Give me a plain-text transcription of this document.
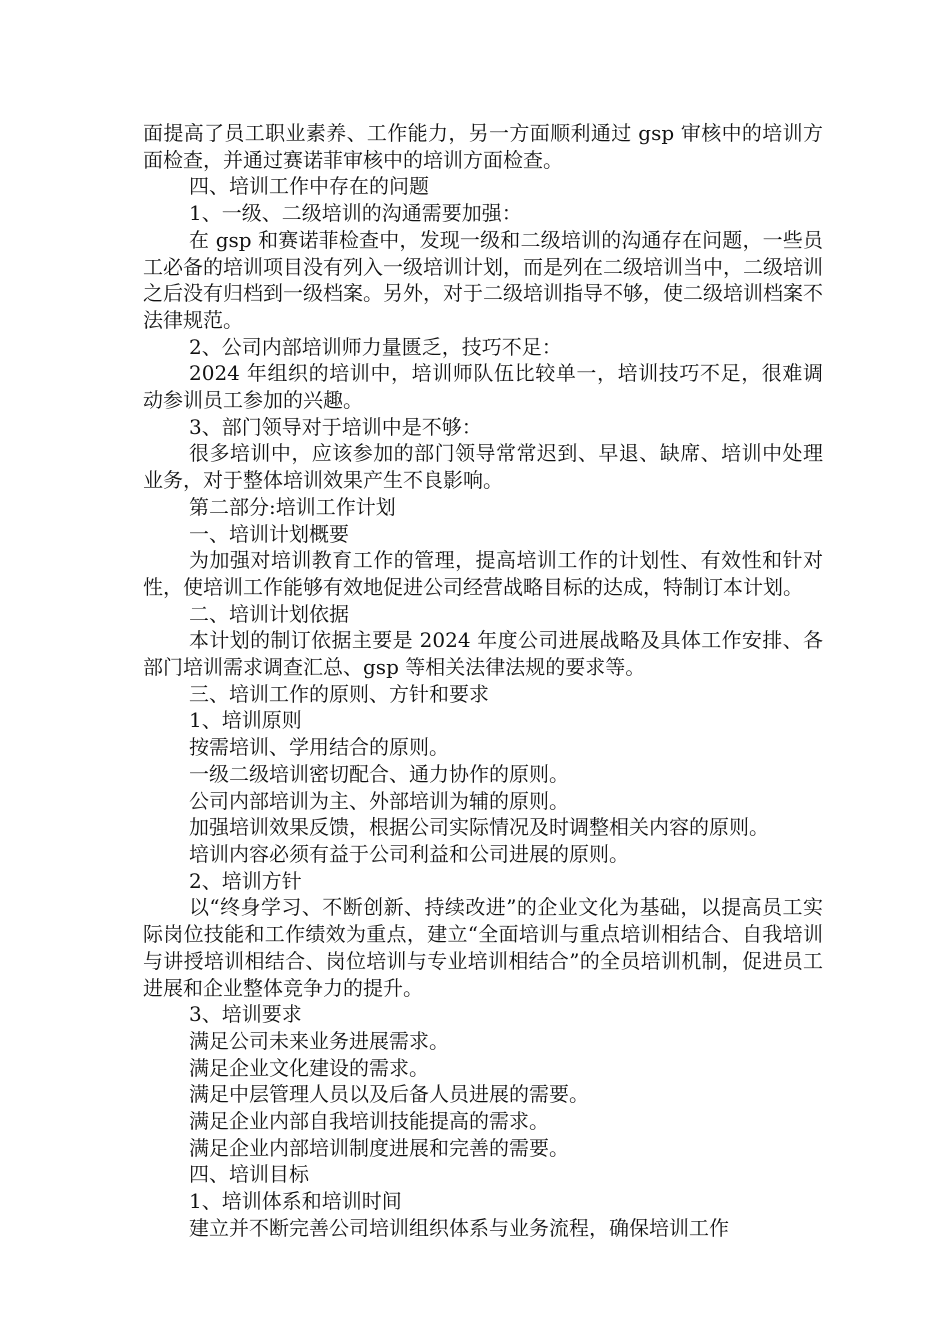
面提高了员工职业素养、工作能力，另一方面顺利通过 gsp 审核中的培训方面检查，并通过赛诺菲审核中的培训方面检查。

四、培训工作中存在的问题

1、一级、二级培训的沟通需要加强：

在 gsp 和赛诺菲检查中，发现一级和二级培训的沟通存在问题，一些员工必备的培训项目没有列入一级培训计划，而是列在二级培训当中，二级培训之后没有归档到一级档案。另外，对于二级培训指导不够，使二级培训档案不法律规范。

2、公司内部培训师力量匮乏，技巧不足：

2024 年组织的培训中，培训师队伍比较单一，培训技巧不足，很难调动参训员工参加的兴趣。

3、部门领导对于培训中是不够：

很多培训中，应该参加的部门领导常常迟到、早退、缺席、培训中处理业务，对于整体培训效果产生不良影响。

第二部分:培训工作计划

一、培训计划概要

为加强对培训教育工作的管理，提高培训工作的计划性、有效性和针对性，使培训工作能够有效地促进公司经营战略目标的达成，特制订本计划。

二、培训计划依据

本计划的制订依据主要是 2024 年度公司进展战略及具体工作安排、各部门培训需求调查汇总、gsp 等相关法律法规的要求等。

三、培训工作的原则、方针和要求

1、培训原则

按需培训、学用结合的原则。

一级二级培训密切配合、通力协作的原则。

公司内部培训为主、外部培训为辅的原则。

加强培训效果反馈，根据公司实际情况及时调整相关内容的原则。

培训内容必须有益于公司利益和公司进展的原则。

2、培训方针

以“终身学习、不断创新、持续改进”的企业文化为基础，以提高员工实际岗位技能和工作绩效为重点，建立“全面培训与重点培训相结合、自我培训与讲授培训相结合、岗位培训与专业培训相结合”的全员培训机制，促进员工进展和企业整体竞争力的提升。

3、培训要求

满足公司未来业务进展需求。

满足企业文化建设的需求。

满足中层管理人员以及后备人员进展的需要。

满足企业内部自我培训技能提高的需求。

满足企业内部培训制度进展和完善的需要。

四、培训目标

1、培训体系和培训时间

建立并不断完善公司培训组织体系与业务流程，确保培训工作
